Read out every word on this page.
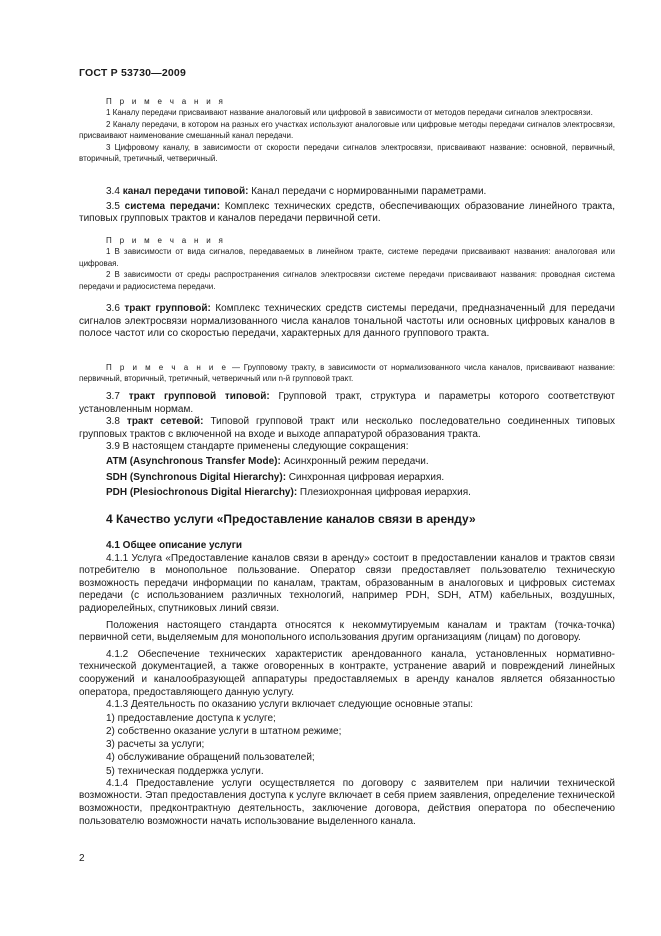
ГОСТ Р 53730—2009
П р и м е ч а н и я

1 Каналу передачи присваивают название аналоговый или цифровой в зависимости от методов передачи сигналов электросвязи.

2 Каналу передачи, в котором на разных его участках используют аналоговые или цифровые методы передачи сигналов электросвязи, присваивают наименование смешанный канал передачи.

3 Цифровому каналу, в зависимости от скорости передачи сигналов электросвязи, присваивают название: основной, первичный, вторичный, третичный, четверичный.

3.4 канал передачи типовой: Канал передачи с нормированными параметрами.

3.5 система передачи: Комплекс технических средств, обеспечивающих образование линейного тракта, типовых групповых трактов и каналов передачи первичной сети.

П р и м е ч а н и я

1 В зависимости от вида сигналов, передаваемых в линейном тракте, системе передачи присваивают названия: аналоговая или цифровая.

2 В зависимости от среды распространения сигналов электросвязи системе передачи присваивают названия: проводная система передачи и радиосистема передачи.

3.6 тракт групповой: Комплекс технических средств системы передачи, предназначенный для передачи сигналов электросвязи нормализованного числа каналов тональной частоты или основных цифровых каналов в полосе частот или со скоростью передачи, характерных для данного группового тракта.

П р и м е ч а н и е — Групповому тракту, в зависимости от нормализованного числа каналов, присваивают название: первичный, вторичный, третичный, четверичный или n-й групповой тракт.

3.7 тракт групповой типовой: Групповой тракт, структура и параметры которого соответствуют установленным нормам.

3.8 тракт сетевой: Типовой групповой тракт или несколько последовательно соединенных типовых групповых трактов с включенной на входе и выходе аппаратурой образования тракта.

3.9 В настоящем стандарте применены следующие сокращения:

ATM (Asynchronous Transfer Mode): Асинхронный режим передачи.

SDH (Synchronous Digital Hierarchy): Синхронная цифровая иерархия.

PDH (Plesiochronous Digital Hierarchy): Плезиохронная цифровая иерархия.

4 Качество услуги «Предоставление каналов связи в аренду»

4.1 Общее описание услуги

4.1.1 Услуга «Предоставление каналов связи в аренду» состоит в предоставлении каналов и трактов связи потребителю в монопольное пользование. Оператор связи предоставляет пользователю техническую возможность передачи информации по каналам, трактам, образованным в аналоговых и цифровых системах передачи (с использованием различных технологий, например PDH, SDH, ATM) кабельных, воздушных, радиорелейных, спутниковых линий связи.

Положения настоящего стандарта относятся к некоммутируемым каналам и трактам (точка-точка) первичной сети, выделяемым для монопольного использования другим организациям (лицам) по договору.

4.1.2 Обеспечение технических характеристик арендованного канала, установленных нормативно-технической документацией, а также оговоренных в контракте, устранение аварий и повреждений линейных сооружений и каналообразующей аппаратуры предоставляемых в аренду каналов является обязанностью оператора, предоставляющего данную услугу.

4.1.3 Деятельность по оказанию услуги включает следующие основные этапы:

1) предоставление доступа к услуге;

2) собственно оказание услуги в штатном режиме;

3) расчеты за услуги;

4) обслуживание обращений пользователей;

5) техническая поддержка услуги.

4.1.4 Предоставление услуги осуществляется по договору с заявителем при наличии технической возможности. Этап предоставления доступа к услуге включает в себя прием заявления, определение технической возможности, предконтрактную деятельность, заключение договора, действия оператора по обеспечению пользователю возможности начать использование выделенного канала.

2
